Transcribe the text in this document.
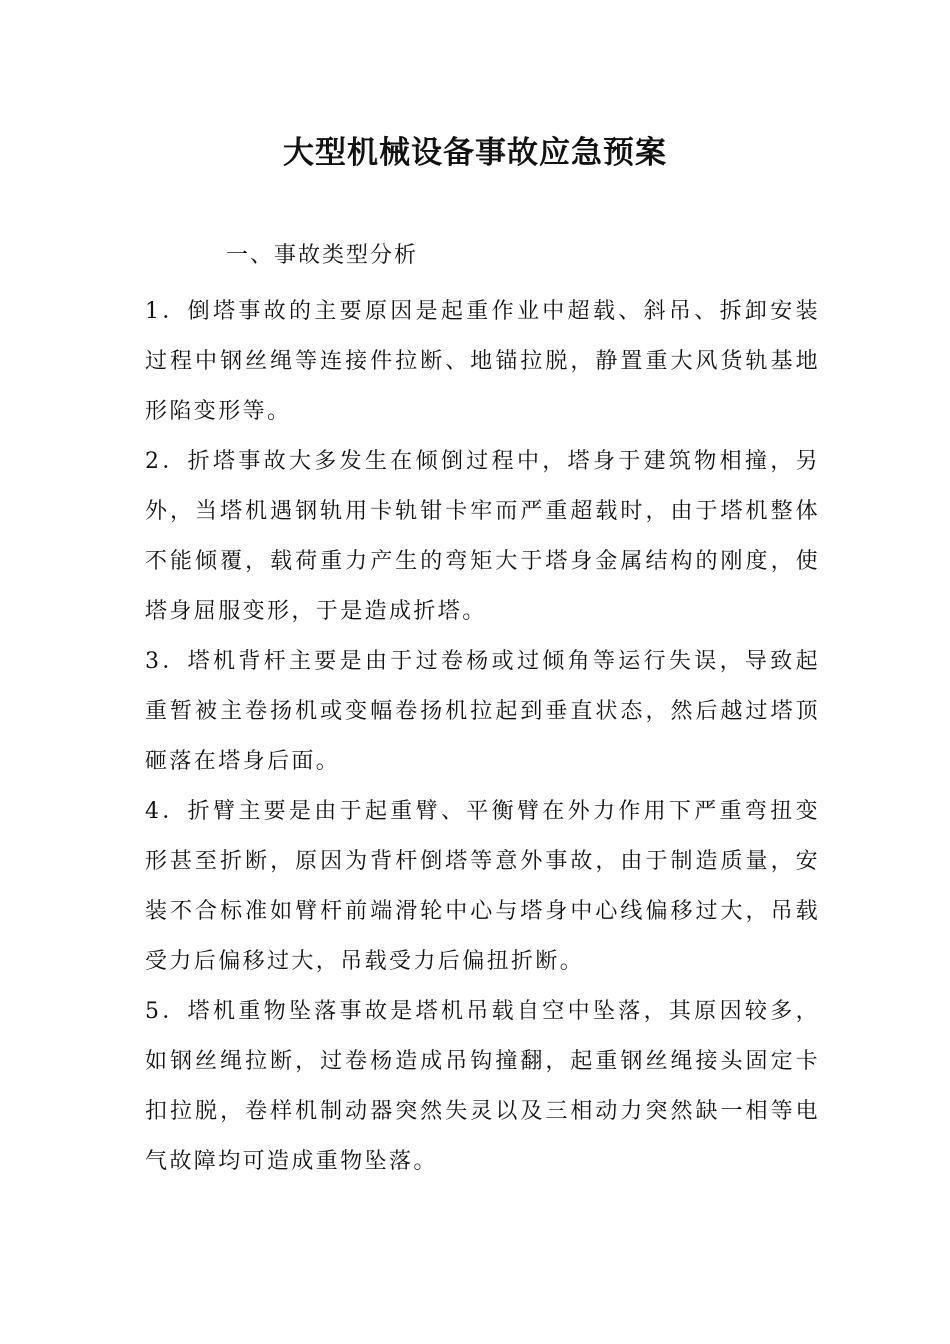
大型机械设备事故应急预案

一、事故类型分析

1．倒塔事故的主要原因是起重作业中超载、斜吊、拆卸安装过程中钢丝绳等连接件拉断、地锚拉脱，静置重大风货轨基地形陷变形等。

2．折塔事故大多发生在倾倒过程中，塔身于建筑物相撞，另外，当塔机遇钢轨用卡轨钳卡牢而严重超载时，由于塔机整体不能倾覆，载荷重力产生的弯矩大于塔身金属结构的刚度，使塔身屈服变形，于是造成折塔。

3．塔机背杆主要是由于过卷杨或过倾角等运行失误，导致起重暂被主卷扬机或变幅卷扬机拉起到垂直状态，然后越过塔顶砸落在塔身后面。

4．折臂主要是由于起重臂、平衡臂在外力作用下严重弯扭变形甚至折断，原因为背杆倒塔等意外事故，由于制造质量，安装不合标准如臂杆前端滑轮中心与塔身中心线偏移过大，吊载受力后偏移过大，吊载受力后偏扭折断。

5．塔机重物坠落事故是塔机吊载自空中坠落，其原因较多，如钢丝绳拉断，过卷杨造成吊钩撞翻，起重钢丝绳接头固定卡扣拉脱，卷样机制动器突然失灵以及三相动力突然缺一相等电气故障均可造成重物坠落。
